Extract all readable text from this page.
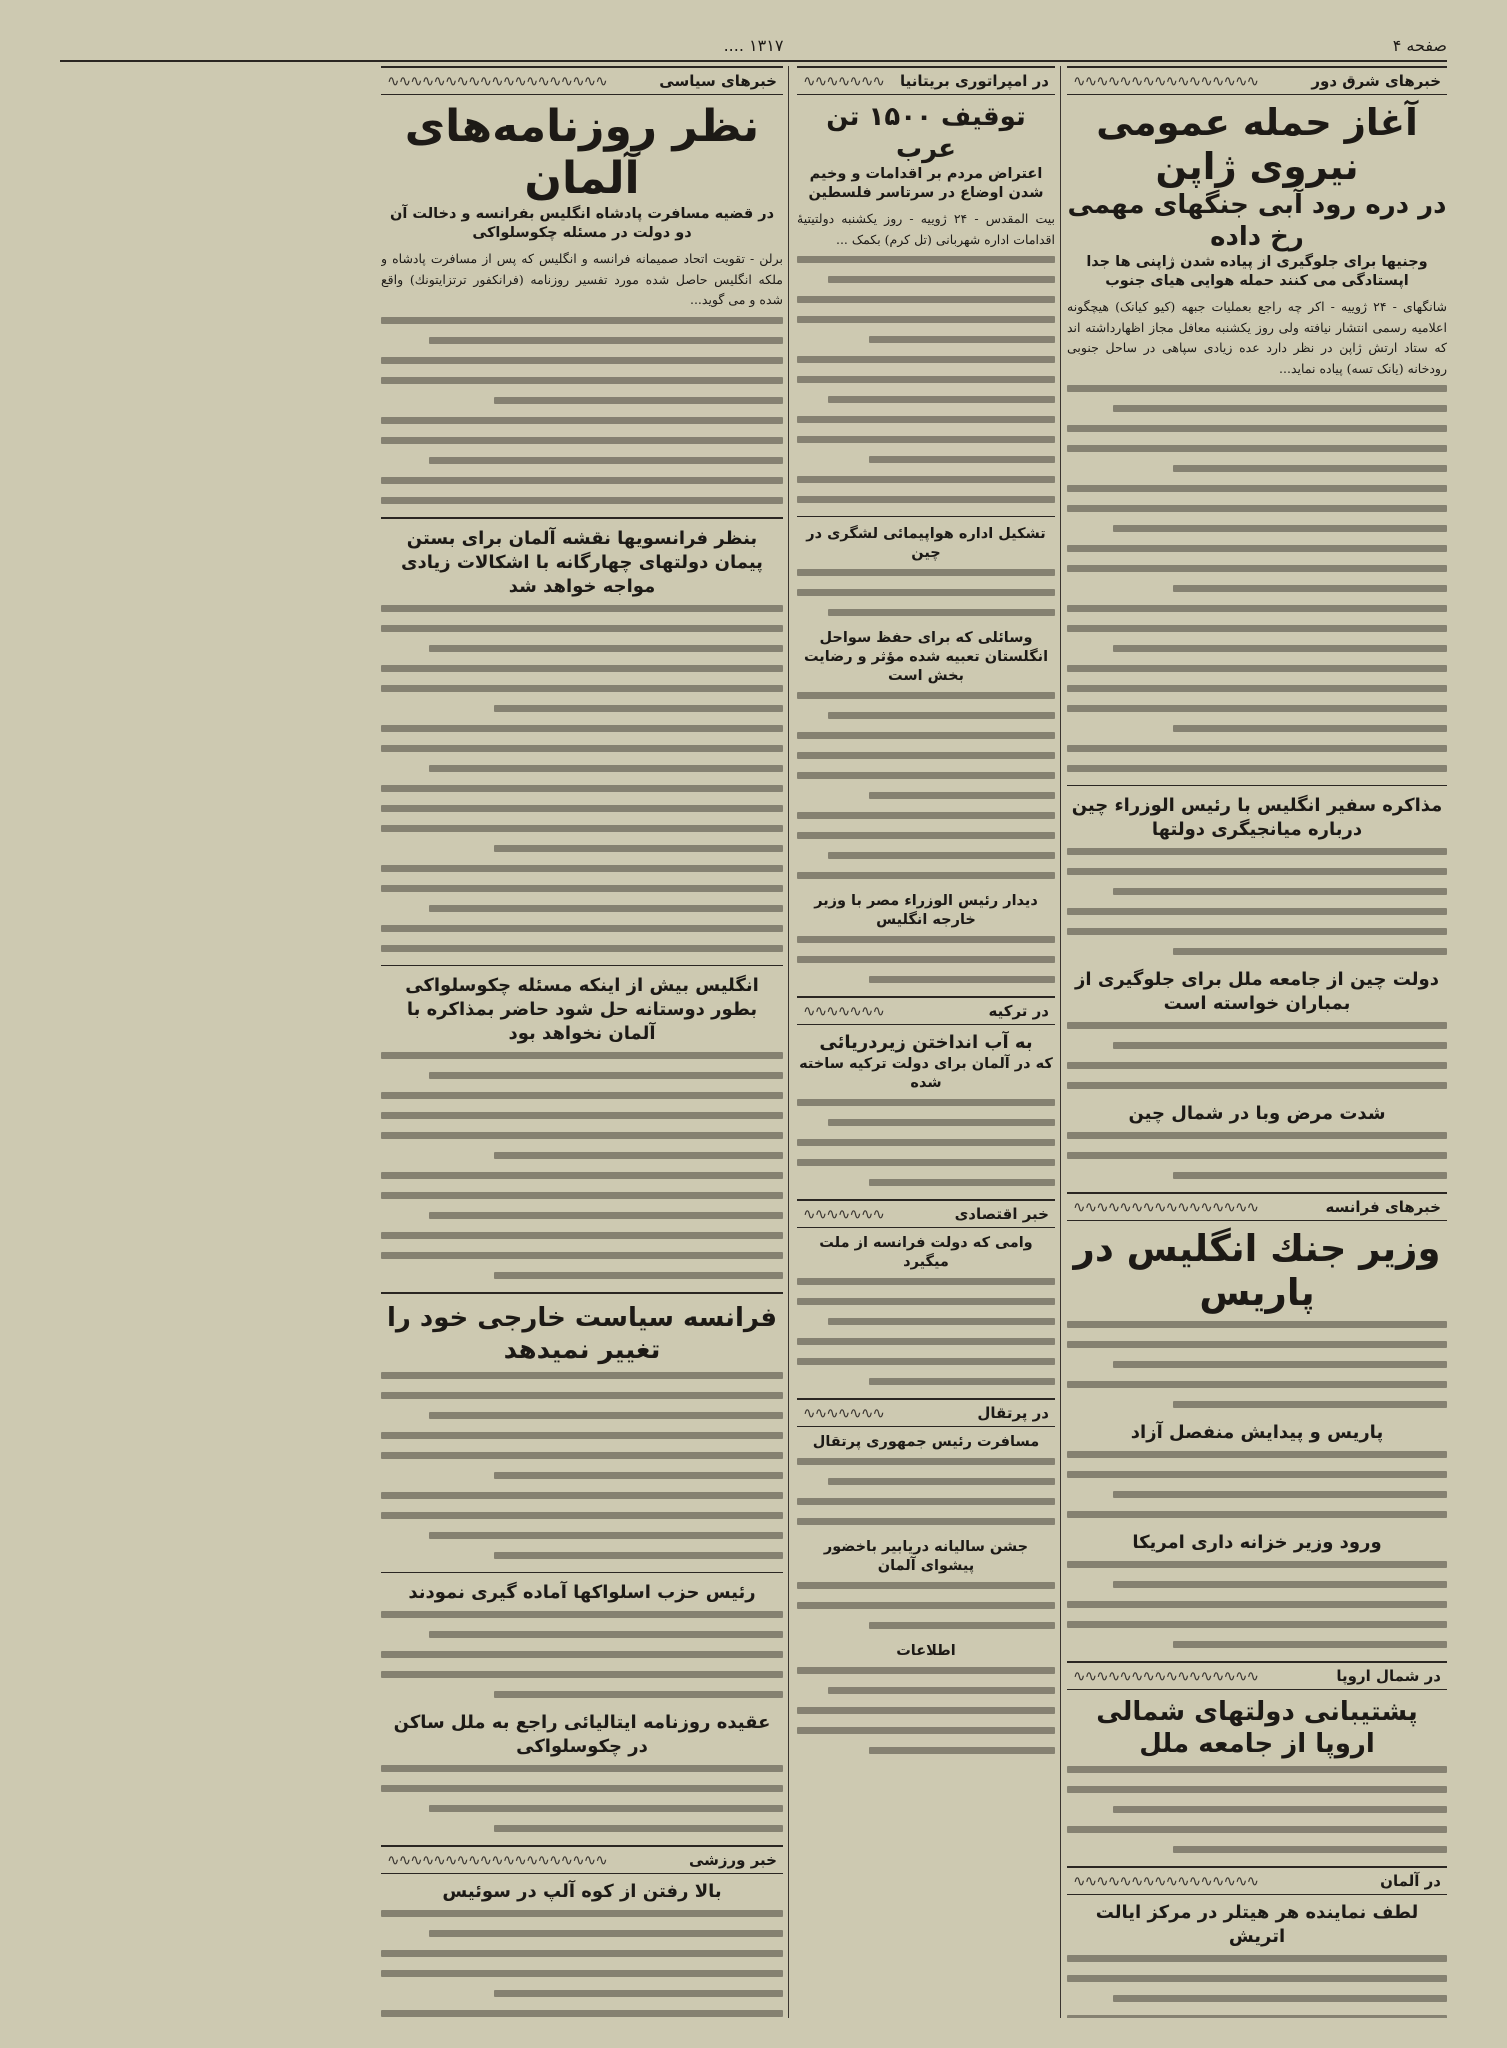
صفحه ۴
۱۳۱۷ ....
خبرهای شرق دور
∿∿∿∿∿∿∿∿∿∿∿∿∿∿∿∿
آغاز حمله عمومی نیروی ژاپن
در دره رود آبی جنگهای مهمی رخ داده
وجنیها برای جلوگیری از پیاده شدن ژاپنی ها جدا اپستادگی می کنند حمله هوایی هیای جنوب

شانگهای - ۲۴ ژوییه - اکر چه راجع بعملیات جبهه (کیو کیانک) هیچگونه اعلامیه رسمی انتشار نیافته ولی روز یکشنبه معافل مجاز اظهارداشته اند که ستاد ارتش ژاپن در نظر دارد عده زیادی سپاهی در ساحل جنوبی رودخانه (یانک تسه) پیاده نماید...

مذاکره سفیر انگلیس با رئیس الوزراء چین درباره میانجیگری دولتها
دولت چین از جامعه ملل برای جلوگیری از بمباران خواسته است
شدت مرض وبا در شمال چین
خبرهای فرانسه
∿∿∿∿∿∿∿∿∿∿∿∿∿∿∿∿
وزیر جنك انگلیس در پاریس
پاریس و پیدایش منفصل آزاد
ورود وزیر خزانه داری امریکا
در شمال اروپا
∿∿∿∿∿∿∿∿∿∿∿∿∿∿∿∿
پشتیبانی دولتهای شمالی اروپا از جامعه ملل
در آلمان
∿∿∿∿∿∿∿∿∿∿∿∿∿∿∿∿
لطف نماینده هر هیتلر در مرکز ایالت اتریش
در امپراتوری بریتانیا
∿∿∿∿∿∿∿
توقیف ۱۵۰۰ تن عرب
اعتراض مردم بر اقدامات و وخیم شدن اوضاع در سرتاسر فلسطین

بیت المقدس - ۲۴ ژوییه - روز یکشنبه دولتیتیهٔ اقدامات اداره شهربانی (تل کرم) بکمک ...

تشکیل اداره هواپیمائی لشگری در چین
وسائلی که برای حفظ سواحل انگلستان تعبیه شده مؤثر و رضایت بخش است
دیدار رئیس الوزراء مصر با وزیر خارجه انگلیس
در ترکیه
∿∿∿∿∿∿∿
به آب انداختن زیردریائی
که در آلمان برای دولت ترکیه ساخته شده
خبر اقتصادی
∿∿∿∿∿∿∿
وامی که دولت فرانسه از ملت میگیرد
در پرتقال
∿∿∿∿∿∿∿
مسافرت رئیس جمهوری پرتقال
جشن سالیانه دریابیر باخضور پیشوای آلمان
اطلاعات
خبرهای سیاسی
∿∿∿∿∿∿∿∿∿∿∿∿∿∿∿∿∿∿∿
نظر روزنامه‌های آلمان
در قضیه مسافرت پادشاه انگلیس بفرانسه و دخالت آن دو دولت در مسئله چکوسلواکی

برلن - تقویت اتحاد صمیمانه فرانسه و انگلیس که پس از مسافرت پادشاه و ملکه انگلیس حاصل شده مورد تفسیر روزنامه (فرانکفور ترتزایتونك) واقع شده و می گوید...

بنظر فرانسویها نقشه آلمان برای بستن پیمان دولتهای چهارگانه با اشکالات زیادی مواجه خواهد شد
انگلیس بیش از اینکه مسئله چکوسلواکی بطور دوستانه حل شود حاضر بمذاکره با آلمان نخواهد بود
فرانسه سیاست خارجی خود را تغییر نمیدهد
رئیس حزب اسلواکها آماده گیری نمودند
عقیده روزنامه ایتالیائی راجع به ملل ساکن در چکوسلواکی
خبر ورزشی
∿∿∿∿∿∿∿∿∿∿∿∿∿∿∿∿∿∿∿
بالا رفتن از کوه آلپ در سوئیس
